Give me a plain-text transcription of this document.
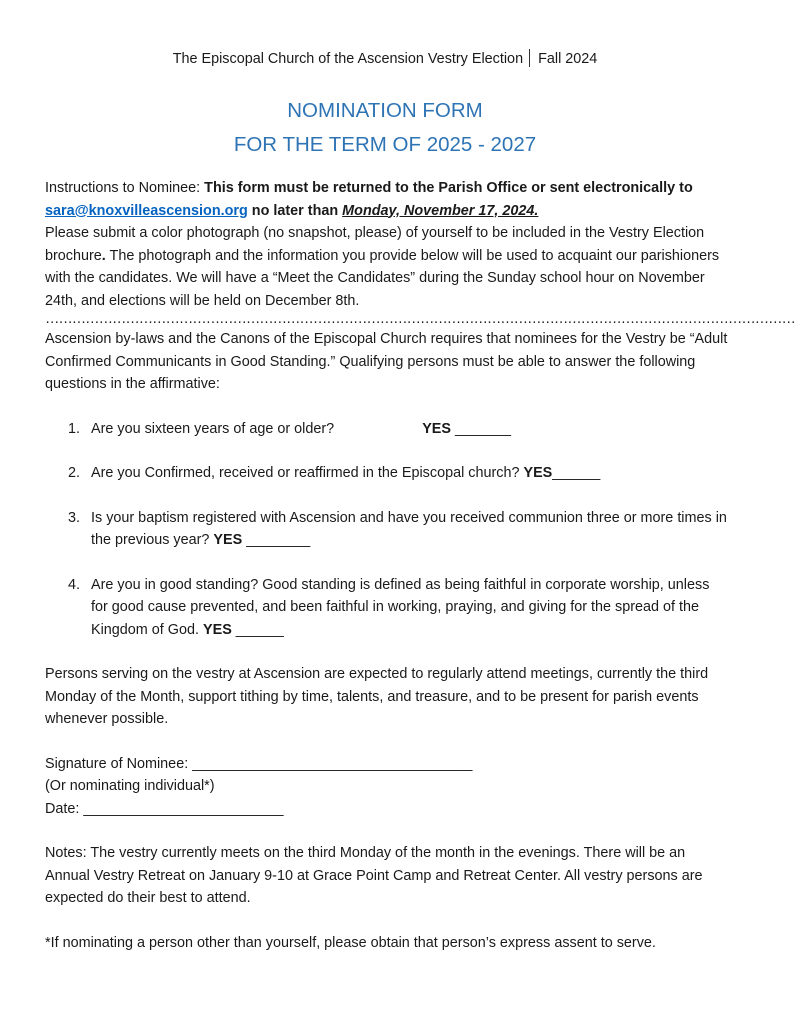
The Episcopal Church of the Ascension Vestry Election Fall 2024
NOMINATION FORM
FOR THE TERM OF 2025 - 2027

Instructions to Nominee: This form must be returned to the Parish Office or sent electronically to sara@knoxvilleascension.org no later than Monday, November 17, 2024.
Please submit a color photograph (no snapshot, please) of yourself to be included in the Vestry Election brochure. The photograph and the information you provide below will be used to acquaint our parishioners with the candidates. We will have a “Meet the Candidates” during the Sunday school hour on November 24th, and elections will be held on December 8th.

……………………………………………………………………………………………………………………………………………………

Ascension by-laws and the Canons of the Episcopal Church requires that nominees for the Vestry be “Adult Confirmed Communicants in Good Standing.” Qualifying persons must be able to answer the following questions in the affirmative:

1. Are you sixteen years of age or older?	YES _______
2. Are you Confirmed, received or reaffirmed in the Episcopal church? YES______
3. Is your baptism registered with Ascension and have you received communion three or more times in the previous year? YES ________
4. Are you in good standing? Good standing is defined as being faithful in corporate worship, unless for good cause prevented, and been faithful in working, praying, and giving for the spread of the Kingdom of God. YES ______

Persons serving on the vestry at Ascension are expected to regularly attend meetings, currently the third Monday of the Month, support tithing by time, talents, and treasure, and to be present for parish events whenever possible.

Signature of Nominee: ___________________________________
(Or nominating individual*)
Date: _________________________

Notes: The vestry currently meets on the third Monday of the month in the evenings. There will be an Annual Vestry Retreat on January 9-10 at Grace Point Camp and Retreat Center. All vestry persons are expected do their best to attend.

*If nominating a person other than yourself, please obtain that person’s express assent to serve.
